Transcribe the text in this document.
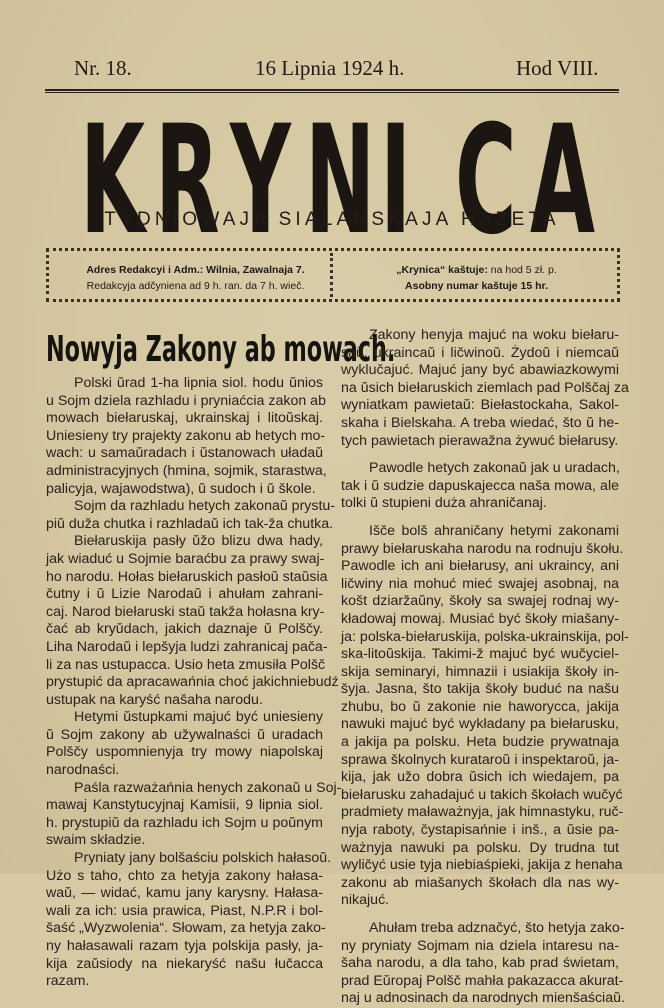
Nr. 18.	16 Lipnia 1924 h.	Hod VIII.
K R Y N I C A
TYDNIOWAJA SIALANSKAJA HAZETA
Adres Redakcyi i Adm.: Wilnia, Zawalnaja 7.
Redakcyja adčyniena ad 9 h. ran. da 7 h. wieč.
„Krynica“ kaštuje: na hod 5 zł. p.
Asobny numar kaštuje 15 hr.
Nowyja Zakony ab mowach.

Polski ŭrad 1-ha lipnia siol. hodu ŭnios
u Sojm dziela razhladu i pryniaćcia zakon ab
mowach biełaruskaj, ukrainskaj i litoŭskaj.
Uniesieny try prajekty zakonu ab hetych mo-
wach: u samaŭradach i ŭstanowach uładaŭ
administracyjnych (hmina, sojmik, starastwa,
palicyja, wajawodstwa), ŭ sudoch i ŭ škole.

Sojm da razhladu hetych zakonaŭ prystu-
piŭ duža chutka i razhladaŭ ich tak-ža chutka.

Biełaruskija pasły ŭžo blizu dwa hady,
jak wiaduć u Sojmie baraćbu za prawy swaj-
ho narodu. Hołas biełaruskich pasłoŭ staŭsia
čutny i ŭ Lizie Narodaŭ i ahułam zahrani-
caj. Narod biełaruski staŭ takža hołasna kry-
čać ab kryŭdach, jakich daznaje ŭ Polščy.
Liha Narodaŭ i lepšyja ludzi zahranicaj pača-
li za nas ustupacca. Usio heta zmusiła Polšč
prystupić da apracawańnia choć jakichniebudź
ustupak na karyść našaha narodu.

Hetymi ŭstupkami majuć być uniesieny
ŭ Sojm zakony ab užywalnaści ŭ uradach
Polščy uspomnienyja try mowy niapolskaj
narodnaści.

Paśla razważańnia henych zakonaŭ u Soj-
mawaj Kanstytucyjnaj Kamisii, 9 lipnia siol.
h. prystupiŭ da razhladu ich Sojm u poŭnym
swaim składzie.

Pryniaty jany bolšaściu polskich hałasoŭ.
Użo s taho, chto za hetyja zakony hałasa-
waŭ, — widać, kamu jany karysny. Hałasa-
wali za ich: usia prawica, Piast, N.P.R i bol-
šaść „Wyzwolenia“. Słowam, za hetyja zako-
ny hałasawali razam tyja polskija pasły, ja-
kija zaŭsiody na niekaryść našu łučacca
razam.

Zakony henyja majuć na woku biełaru-
saŭ, ukraincaŭ i ličwinoŭ. Żydoŭ i niemcaŭ
wyklučajuć. Majuć jany być abawiazkowymi
na ŭsich biełaruskich ziemlach pad Polščaj za
wyniatkam pawietaŭ: Biełastockaha, Sakol-
skaha i Bielskaha. A treba wiedać, što ŭ he-
tych pawietach pierawažna żywuć biełarusy.

Pawodle hetych zakonaŭ jak u uradach,
tak i ŭ sudzie dapuskajecca naša mowa, ale
tolki ŭ stupieni duża ahraničanaj.

Išče bolš ahraničany hetymi zakonami
prawy biełaruskaha narodu na rodnuju škołu.
Pawodle ich ani biełarusy, ani ukraincy, ani
ličwiny nia mohuć mieć swajej asobnaj, na
košt dziaržaŭny, škoły sa swajej rodnaj wy-
kładowaj mowaj. Musiać być škoły miašany-
ja: polska-biełaruskija, polska-ukrainskija, pol-
ska-litoŭskija. Takimi-ž majuć być wučyciel-
skija seminaryi, himnazii i usiakija škoły in-
šyja. Jasna, što takija škoły buduć na našu
zhubu, bo ŭ zakonie nie haworycca, jakija
nawuki majuć być wykładany pa biełarusku,
a jakija pa polsku. Heta budzie prywatnaja
sprawa školnych kurataroŭ i inspektaroŭ, ja-
kija, jak užo dobra ŭsich ich wiedajem, pa
biełarusku zahadajuć u takich škołach wučyć
pradmiety maławażnyja, jak himnastyku, ruč-
nyja raboty, čystapisańnie i inš., a ŭsie pa-
ważnyja nawuki pa polsku. Dy trudna tut
wyličyć usie tyja niebiaśpieki, jakija z henaha
zakonu ab miašanych škołach dla nas wy-
nikajuć.

Ahułam treba adznačyć, što hetyja zako-
ny pryniaty Sojmam nia dziela intaresu na-
šaha narodu, a dla taho, kab prad świetam,
prad Eŭropaj Polšč mahła pakazacca akurat-
naj u adnosinach da narodnych mienšaściaŭ.
